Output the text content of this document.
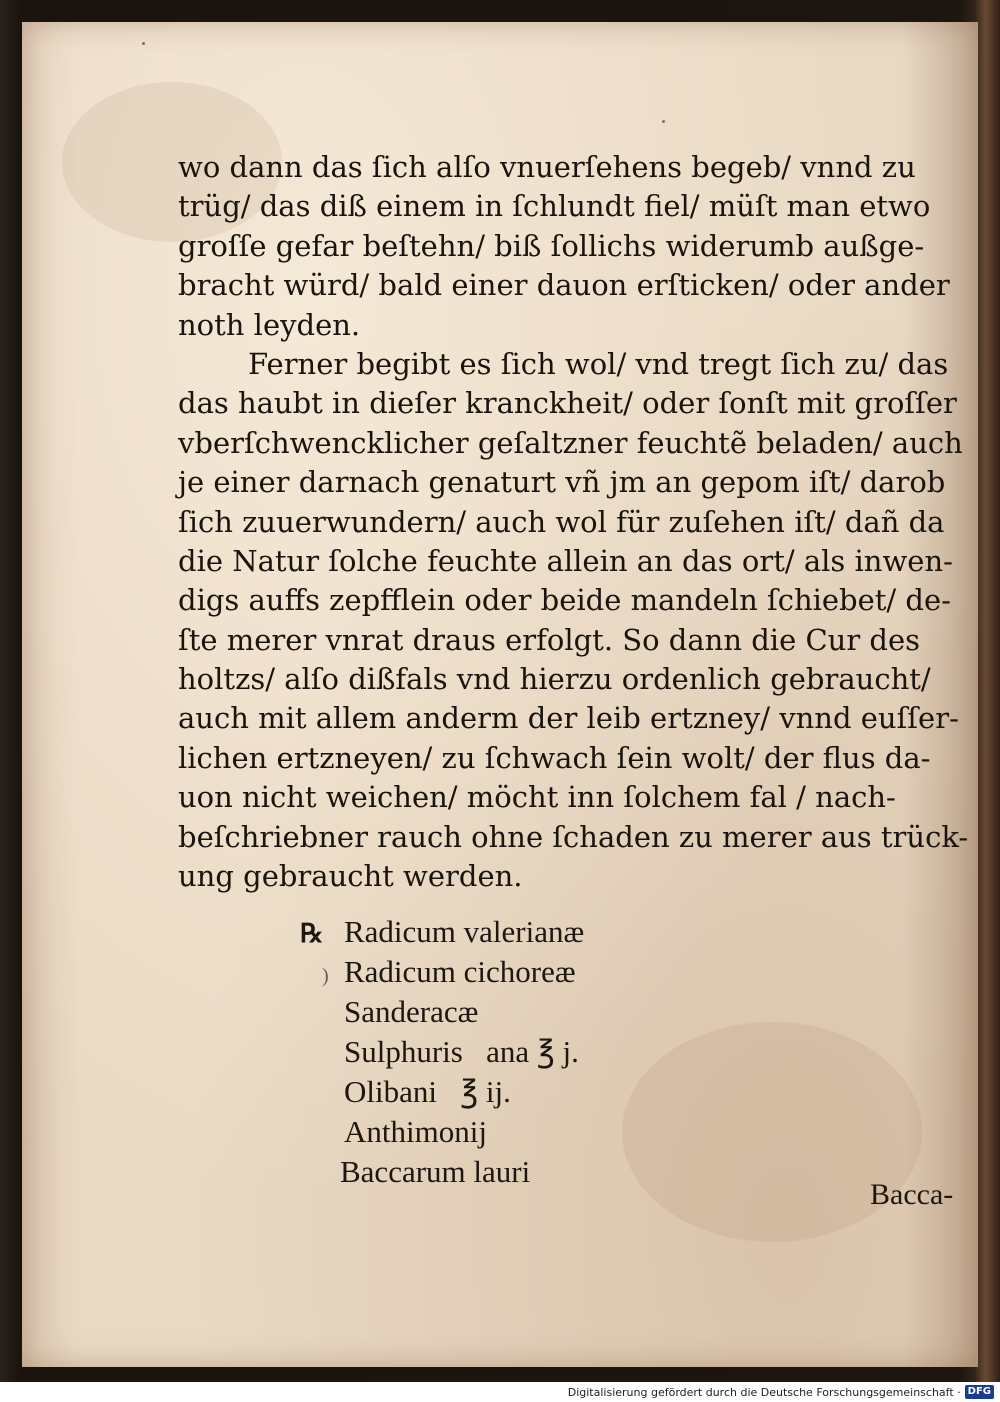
wo dann das ſich alſo vnuerſehens begeb/ vnnd zu
trüg/ das diß einem in ſchlundt fiel/ müſt man etwo
groſſe gefar beſtehn/ biß ſollichs widerumb außge-
bracht würd/ bald einer dauon erſticken/ oder ander
noth leyden.
Ferner begibt es ſich wol/ vnd tregt ſich zu/ das
das haubt in dieſer kranckheit/ oder ſonſt mit groſſer
vberſchwencklicher geſaltzner feuchtẽ beladen/ auch
je einer darnach genaturt vñ jm an gepom iſt/ darob
ſich zuuerwundern/ auch wol für zuſehen iſt/ dañ da
die Natur ſolche feuchte allein an das ort/ als inwen-
digs auffs zepfflein oder beide mandeln ſchiebet/ de-
ſte merer vnrat draus erfolgt. So dann die Cur des
holtzs/ alſo dißfals vnd hierzu ordenlich gebraucht/
auch mit allem anderm der leib ertzney/ vnnd euſſer-
lichen ertzneyen/ zu ſchwach ſein wolt/ der flus da-
uon nicht weichen/ möcht inn ſolchem fal / nach-
beſchriebner rauch ohne ſchaden zu merer aus trück-
ung gebraucht werden.
℞ Radicum valerianæ
) Radicum cichoreæ
Sanderacæ
Sulphuris   ana ℥ j.
Olibani   ℥ ij.
Anthimonij
Baccarum lauri
Bacca-
Digitalisierung gefördert durch die Deutsche Forschungsgemeinschaft · DFG
